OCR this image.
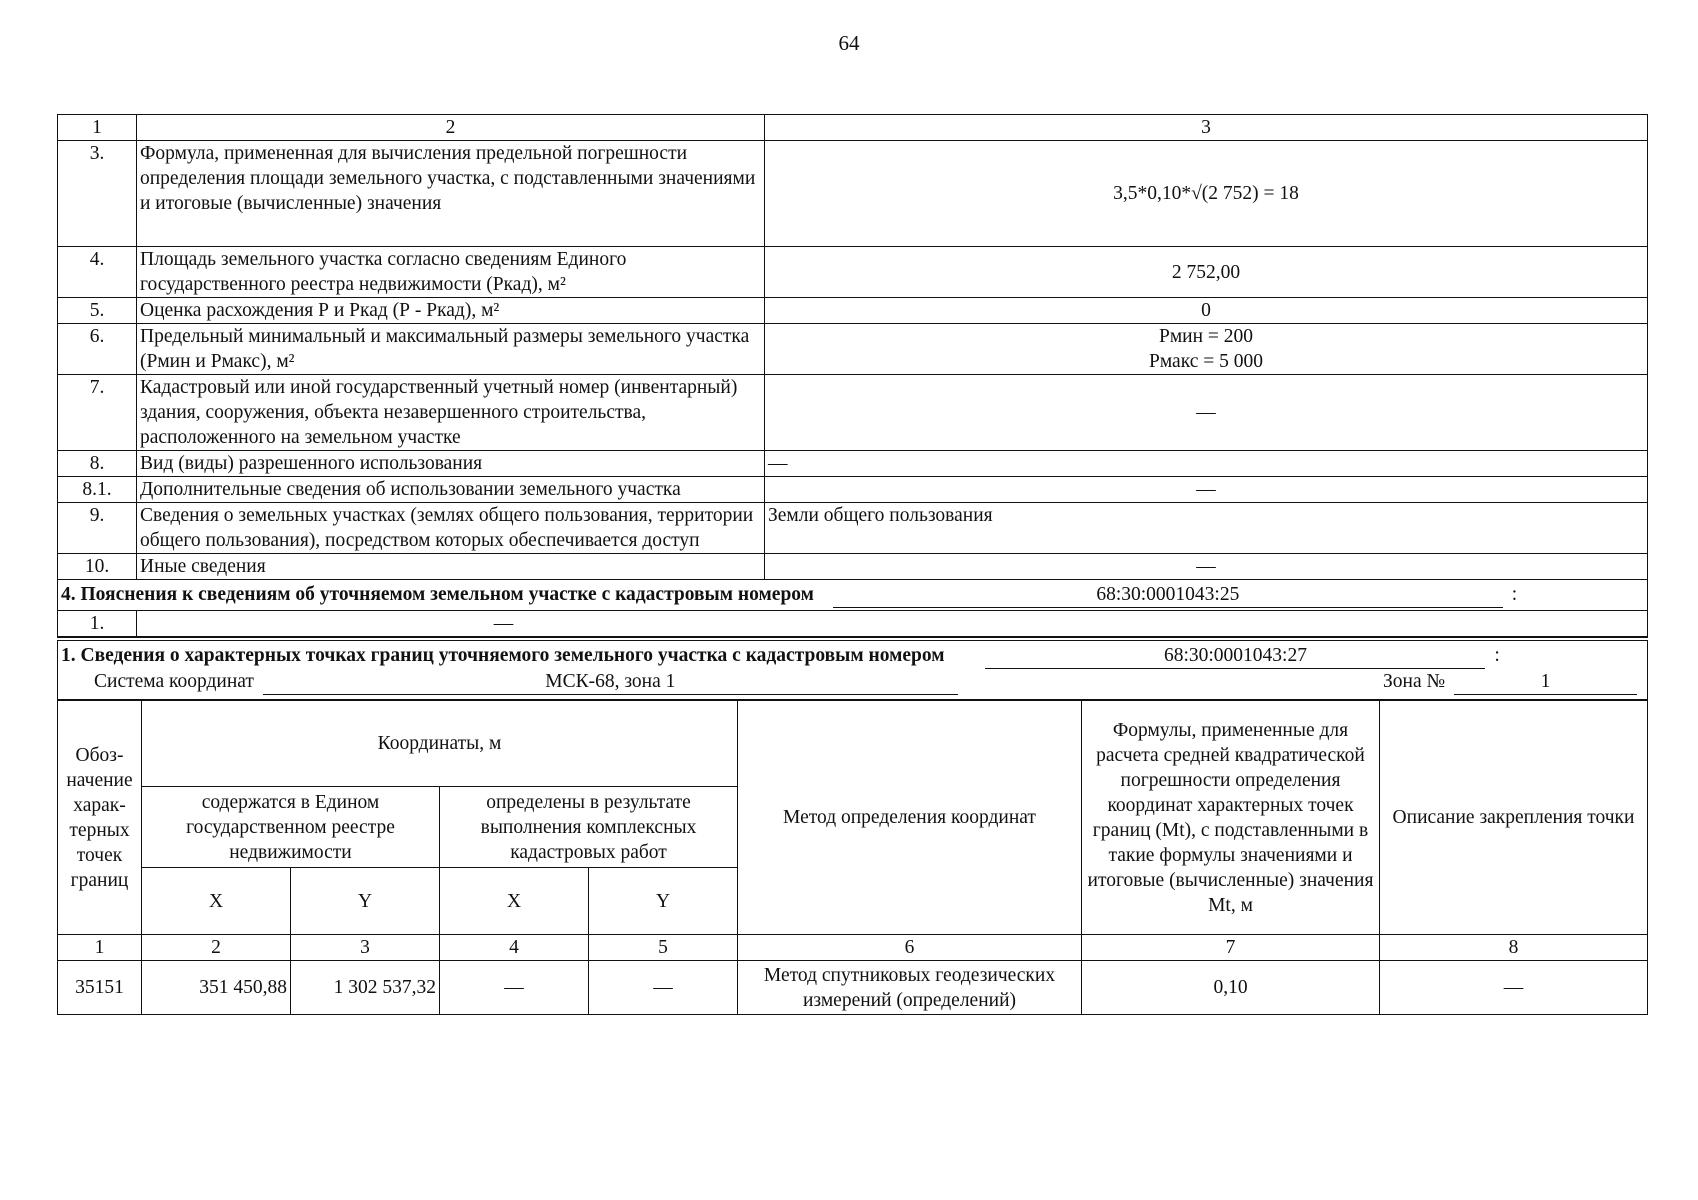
64
1	2	3
3.	Формула, примененная для вычисления предельной погрешности определения площади земельного участка, с подставленными значениями и итоговые (вычисленные) значения	3,5*0,10*√(2 752) = 18
4.	Площадь земельного участка согласно сведениям Единого государственного реестра недвижимости (Ркад), м²	2 752,00
5.	Оценка расхождения Р и Ркад (Р - Ркад), м²	0
6.	Предельный минимальный и максимальный размеры земельного участка (Рмин и Рмакс), м²	Рмин = 200
Рмакс = 5 000

7.	Кадастровый или иной государственный учетный номер (инвентарный) здания, сооружения, объекта незавершенного строительства, расположенного на земельном участке	—
8.	Вид (виды) разрешенного использования	—
8.1.	Дополнительные сведения об использовании земельного участка	—
9.	Сведения о земельных участках (землях общего пользования, территории общего пользования), посредством которых обеспечивается доступ	Земли общего пользования
10.	Иные сведения	—
4. Пояснения к сведениям об уточняемом земельном участке с кадастровым номером 68:30:0001043:25 :		
1.	—	
1. Сведения о характерных точках границ уточняемого земельного участка с кадастровым номером	68:30:0001043:27	:
Система координат	МСК-68, зона 1	Зона №	1
Обоз-начение харак-терных точек границ	Координаты, м				Метод определения координат	Формулы, примененные для расчета средней квадратической погрешности определения координат характерных точек границ (Mt), с подставленными в такие формулы значениями и итоговые (вычисленные) значения Mt, м	Описание закрепления точки
	содержатся в Едином государственном реестре недвижимости		определены в результате выполнения комплексных кадастровых работ				
	X	Y	X	Y			
1	2	3	4	5	6	7	8
35151	351 450,88	1 302 537,32	—	—	Метод спутниковых геодезических измерений (определений)	0,10	—
